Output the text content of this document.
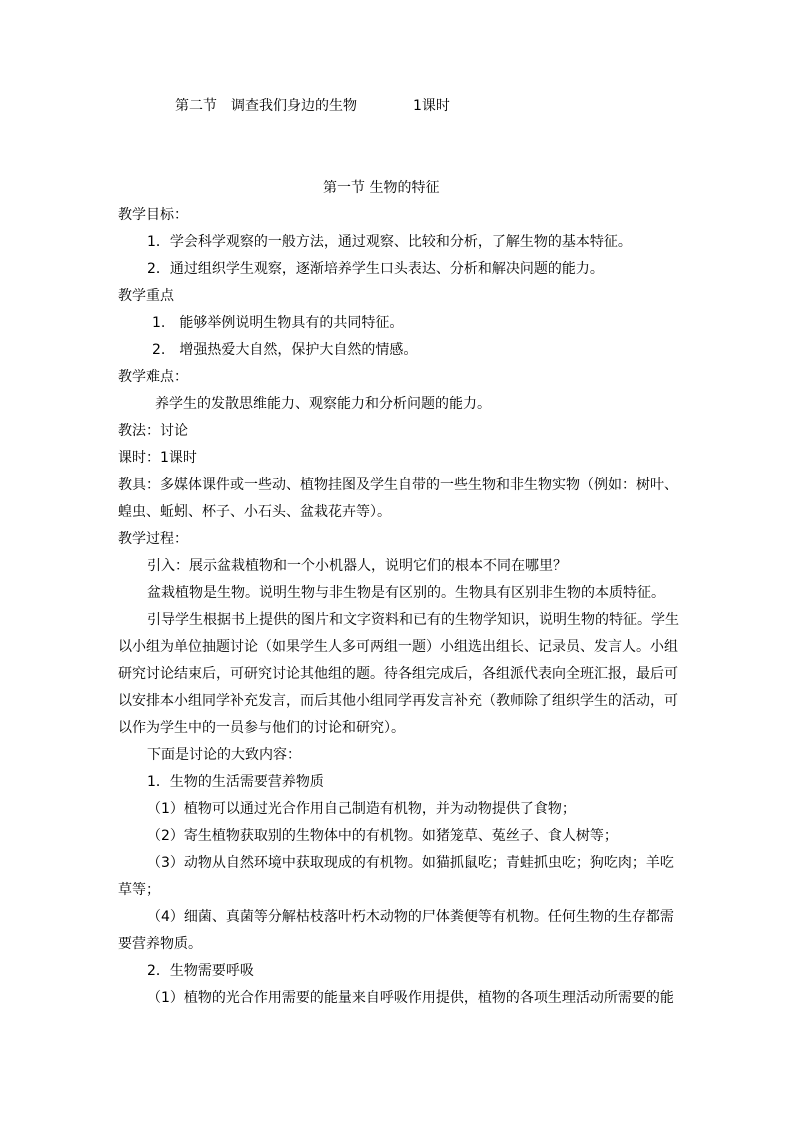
第二节 调查我们身边的生物	1课时
第一节 生物的特征
教学目标：
1．学会科学观察的一般方法，通过观察、比较和分析，了解生物的基本特征。
2．通过组织学生观察，逐渐培养学生口头表达、分析和解决问题的能力。
教学重点
1. 能够举例说明生物具有的共同特征。
2. 增强热爱大自然，保护大自然的情感。
教学难点：
养学生的发散思维能力、观察能力和分析问题的能力。
教法：讨论
课时：1课时
教具：多媒体课件或一些动、植物挂图及学生自带的一些生物和非生物实物（例如：树叶、
蝗虫、蚯蚓、杯子、小石头、盆栽花卉等）。
教学过程：
引入：展示盆栽植物和一个小机器人，说明它们的根本不同在哪里？
盆栽植物是生物。说明生物与非生物是有区别的。生物具有区别非生物的本质特征。
引导学生根据书上提供的图片和文字资料和已有的生物学知识，说明生物的特征。学生
以小组为单位抽题讨论（如果学生人多可两组一题）小组选出组长、记录员、发言人。小组
研究讨论结束后，可研究讨论其他组的题。待各组完成后，各组派代表向全班汇报，最后可
以安排本小组同学补充发言，而后其他小组同学再发言补充（教师除了组织学生的活动，可
以作为学生中的一员参与他们的讨论和研究）。
下面是讨论的大致内容：
1．生物的生活需要营养物质
（1）植物可以通过光合作用自己制造有机物，并为动物提供了食物；
（2）寄生植物获取别的生物体中的有机物。如猪笼草、菟丝子、食人树等；
（3）动物从自然环境中获取现成的有机物。如猫抓鼠吃；青蛙抓虫吃；狗吃肉；羊吃
草等；
（4）细菌、真菌等分解枯枝落叶朽木动物的尸体粪便等有机物。任何生物的生存都需
要营养物质。
2．生物需要呼吸
（1）植物的光合作用需要的能量来自呼吸作用提供，植物的各项生理活动所需要的能
